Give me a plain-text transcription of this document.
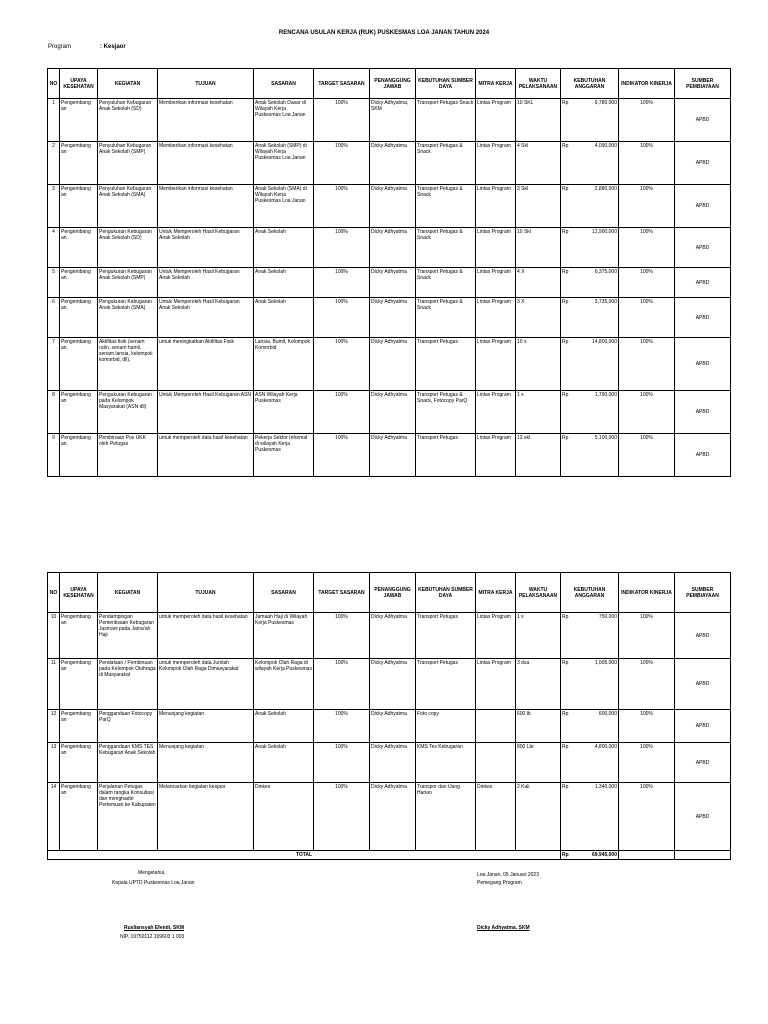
RENCANA USULAN KERJA (RUK) PUSKESMAS LOA JANAN TAHUN 2024
Program	: Kesjaor
NO	UPAYA KESEHATAN	KEGIATAN	TUJUAN	SASARAN	TARGET SASARAN	PENANGGUNG JAWAB	KEBUTUHAN SUMBER DAYA	MITRA KERJA	WAKTU PELAKSANAAN	KEBUTUHAN ANGGARAN	INDIKATOR KINERJA	SUMBER PEMBIAYAAN
1	Pengembang an	Penyuluhan Kebugaran Anak Sekolah (SD)	Memberikan informasi kesehatan	Anak Sekolah Dasar di Wilayah Kerja Puskesmas Loa Janan	100%	Dicky Adhyatma, SKM	Transport Petugas Snack	Lintas Program	10 SKL	Rp 9,780,000	100%	APBD
2	Pengembang an	Penyuluhan Kebugaran Anak Sekolah (SMP)	Memberikan informasi kesehatan	Anak Sekolah (SMP) di Wilayah Kerja Puskesmas Loa Janan	100%	Dicky Adhyatma	Transport Petugas & Snack	Lintas Program	4 Skl	Rp 4,090,000	100%	APBD
3	Pengembang an	Penyuluhan Kebugaran Anak Sekolah (SMA)	Memberikan informasi kesehatan	Anak Sekolah (SMA) di Wilayah Kerja Puskesmas Loa Janan	100%	Dicky Adhyatma	Transport Petugas & Snack	Lintas Program	3 Skl	Rp 2,880,000	100%	APBD
4	Pengembang an	Pengukuran Kebugaran Anak Sekolah (SD)	Untuk Memperoleh Hasil Kebugaran Anak Sekolah	Anak Sekolah	100%	Dicky Adhyatma	Transport Petugas & Snack	Lintas Program	10 Skl	Rp 12,900,000	100%	APBD
5	Pengembang an	Pengukuran Kebugaran Anak Sekolah (SMP)	Untuk Memperoleh Hasil Kebugaran Anak Sekolah	Anak Sekolah	100%	Dicky Adhyatma	Transport Petugas & Snack	Lintas Program	4 X	Rp 6,375,000	100%	APBD
6	Pengembang an	Pengukuran Kebugaran Anak Sekolah (SMA)	Untuk Memperoleh Hasil Kebugaran Anak Sekolah	Anak Sekolah	100%	Dicky Adhyatma	Transport Petugas & Snack	Lintas Program	3 X	Rp 3,735,000	100%	APBD
7	Pengembang an	Aktifitas fisik (senam rutin, senam hamil, senam lansia, kelompok komorbid, dll),	untuk meningkatkan Aktifitas Fisik	Lansia, Bumil, Kelompok Komorbid	100%	Dicky Adhyatma	Transport Petugas	Lintas Program	10 x	Rp 14,800,000	100%	APBD
8	Pengembang an	Pengukuran Kebugaran pada Kelompok Masyarakat (ASN dll)	Untuk Memperoleh Hasil Kebugaran ASN	ASN Wilayah Kerja Puskesmas	100%	Dicky Adhyatma	Transport Petugas & Snack, Fotocopy ParQ	Lintas Program	1 x	Rp 1,790,000	100%	APBD
9	Pengembang an	Pembinaan Pos UKK oleh Petugas	untuk memperoleh data hasil kesehatan	Pekerja Sektor Informal di wilayah Kerja Puskesmas	100%	Dicky Adhyatma	Transport Petugas	Lintas Program	12 xkl	Rp 5,100,000	100%	APBD
NO	UPAYA KESEHATAN	KEGIATAN	TUJUAN	SASARAN	TARGET SASARAN	PENANGGUNG JAWAB	KEBUTUHAN SUMBER DAYA	MITRA KERJA	WAKTU PELAKSANAAN	KEBUTUHAN ANGGARAN	INDIKATOR KINERJA	SUMBER PEMBIAYAAN
10	Pengembang an	Pendampingan Pemeriksaan Kebugaran Jasmani pada Jama'ah Haji	untuk memperoleh data hasil kesehatan	Jamaah Haji di Wilayah Kerja Puskesmas	100%	Dicky Adhyatma	Transport Petugas	Lintas Program	1 x	Rp 750,000	100%	APBD
11	Pengembang an	Pendataan / Pembinaan pada Kelompok Olahraga di Masyarakat	untuk memperoleh data Jumlah Kelompok Olah Raga Dimasyarakat	Kelompok Olah Raga di wilayah Kerja Puskesmas	100%	Dicky Adhyatma	Transport Petugas	Lintas Program	3 dsa	Rp 1,005,000	100%	APBD
12	Pengembang an	Penggandaan Fotocopy ParQ	Menunjang kegiatan	Anak Sekolah	100%	Dicky Adhyatma	Foto copy		600 lb	Rp 600,000	100%	APBD
13	Pengembang an	Penggandaan KMS TES Kebugaran Anak Sekolah	Menunjang kegiatan	Anak Sekolah	100%	Dicky Adhyatma	KMS Tes Kebugaran		800 Lbr	Rp 4,800,000	100%	APBD
14	Pengembang an	Perjalanan Petugas dalam rangka Konsultasi dan menghadiri Pertemuan ke Kabupaten	Melancarkan kegiatan kesjaor	Dinkes	100%	Dicky Adhyatma	Transpor dan Uang Harian	Dinkes	2 Kali	Rp 1,340,000	100%	APBD
TOTAL										Rp 69,945,000		

Mengetahui,
Kepala UPTD Puskesmas Loa Janan
Rusliansyah Efendi, SKM
NIP. 19750112 199603 1 003
Loa Janan, 05 Januari 2023
Pemegang Program
Dicky Adhyatma, SKM
